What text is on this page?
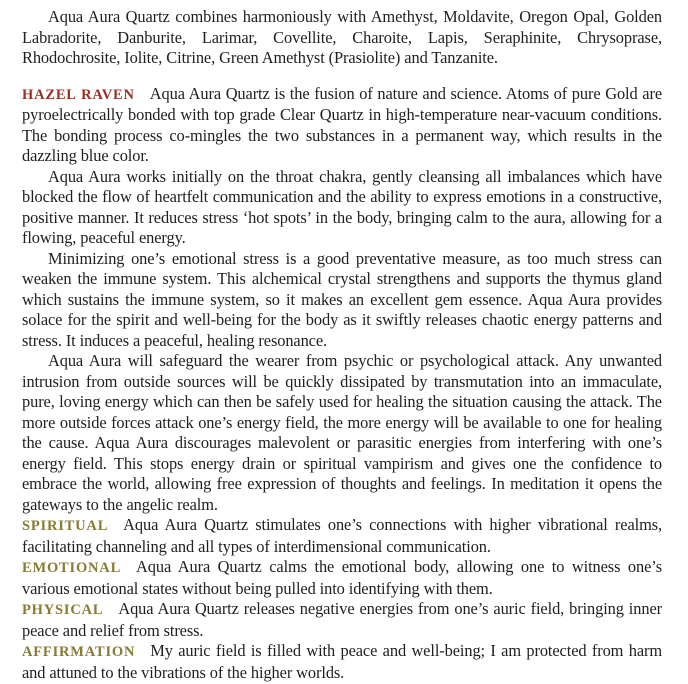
Aqua Aura Quartz combines harmoniously with Amethyst, Moldavite, Oregon Opal, Golden Labradorite, Danburite, Larimar, Covellite, Charoite, Lapis, Seraphinite, Chrysoprase, Rhodochrosite, Iolite, Citrine, Green Amethyst (Prasiolite) and Tanzanite.

HAZEL RAVEN Aqua Aura Quartz is the fusion of nature and science. Atoms of pure Gold are pyroelectrically bonded with top grade Clear Quartz in high-temperature near-vacuum conditions. The bonding process co-mingles the two substances in a permanent way, which results in the dazzling blue color.

Aqua Aura works initially on the throat chakra, gently cleansing all imbalances which have blocked the flow of heartfelt communication and the ability to express emotions in a constructive, positive manner. It reduces stress ‘hot spots’ in the body, bringing calm to the aura, allowing for a flowing, peaceful energy.

Minimizing one’s emotional stress is a good preventative measure, as too much stress can weaken the immune system. This alchemical crystal strengthens and supports the thymus gland which sustains the immune system, so it makes an excellent gem essence. Aqua Aura provides solace for the spirit and well-being for the body as it swiftly releases chaotic energy patterns and stress. It induces a peaceful, healing resonance.

Aqua Aura will safeguard the wearer from psychic or psychological attack. Any unwanted intrusion from outside sources will be quickly dissipated by transmutation into an immaculate, pure, loving energy which can then be safely used for healing the situation causing the attack. The more outside forces attack one’s energy field, the more energy will be available to one for healing the cause. Aqua Aura discourages malevolent or parasitic energies from interfering with one’s energy field. This stops energy drain or spiritual vampirism and gives one the confidence to embrace the world, allowing free expression of thoughts and feelings. In meditation it opens the gateways to the angelic realm.

SPIRITUAL Aqua Aura Quartz stimulates one’s connections with higher vibrational realms, facilitating channeling and all types of interdimensional communication.

EMOTIONAL Aqua Aura Quartz calms the emotional body, allowing one to witness one’s various emotional states without being pulled into identifying with them.

PHYSICAL Aqua Aura Quartz releases negative energies from one’s auric field, bringing inner peace and relief from stress.

AFFIRMATION My auric field is filled with peace and well-being; I am protected from harm and attuned to the vibrations of the higher worlds.
